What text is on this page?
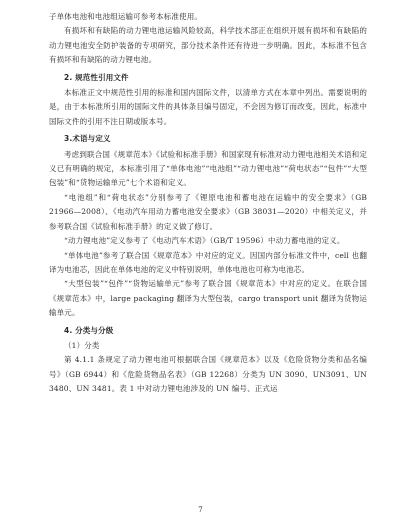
子单体电池和电池组运输可参考本标准使用。

有损坏和有缺陷的动力锂电池运输风险较高，科学技术部正在组织开展有损坏和有缺陷的动力锂电池安全防护装备的专项研究，部分技术条件还有待进一步明确。因此，本标准不包含有损坏和有缺陷的动力锂电池。

2. 规范性引用文件

本标准正文中规范性引用的标准和国内国际文件，以清单方式在本章中列出。需要说明的是，由于本标准所引用的国际文件的具体条目编号固定，不会因为修订而改变，因此，标准中国际文件的引用不注日期或版本号。

3.术语与定义

考虑到联合国《规章范本》《试验和标准手册》和国家现有标准对动力锂电池相关术语和定义已有明确的规定，本标准引用了“单体电池”“电池组”“动力锂电池”“荷电状态”“包件”“大型包装”和“货物运输单元”七个术语和定义。

“电池组”和“荷电状态”分别参考了《锂原电池和蓄电池在运输中的安全要求》（GB 21966—2008）、《电动汽车用动力蓄电池安全要求》（GB 38031—2020）中相关定义，并参考联合国《试验和标准手册》的定义做了修订。

“动力锂电池”定义参考了《电动汽车术语》（GB/T 19596）中动力蓄电池的定义。

“单体电池”参考了联合国《规章范本》中对应的定义。因国内部分标准文件中，cell 也翻译为电池芯，因此在单体电池的定义中特别说明，单体电池也可称为电池芯。

“大型包装”“包件”“货物运输单元”参考了联合国《规章范本》中对应的定义。在联合国《规章范本》中，large packaging 翻译为大型包装，cargo transport unit 翻译为货物运输单元。

4. 分类与分级

（1）分类

第 4.1.1 条规定了动力锂电池可根据联合国《规章范本》以及《危险货物分类和品名编号》（GB 6944）和《危险货物品名表》（GB 12268）分类为 UN 3090、UN3091、UN 3480、UN 3481。表 1 中对动力锂电池涉及的 UN 编号、正式运

7
